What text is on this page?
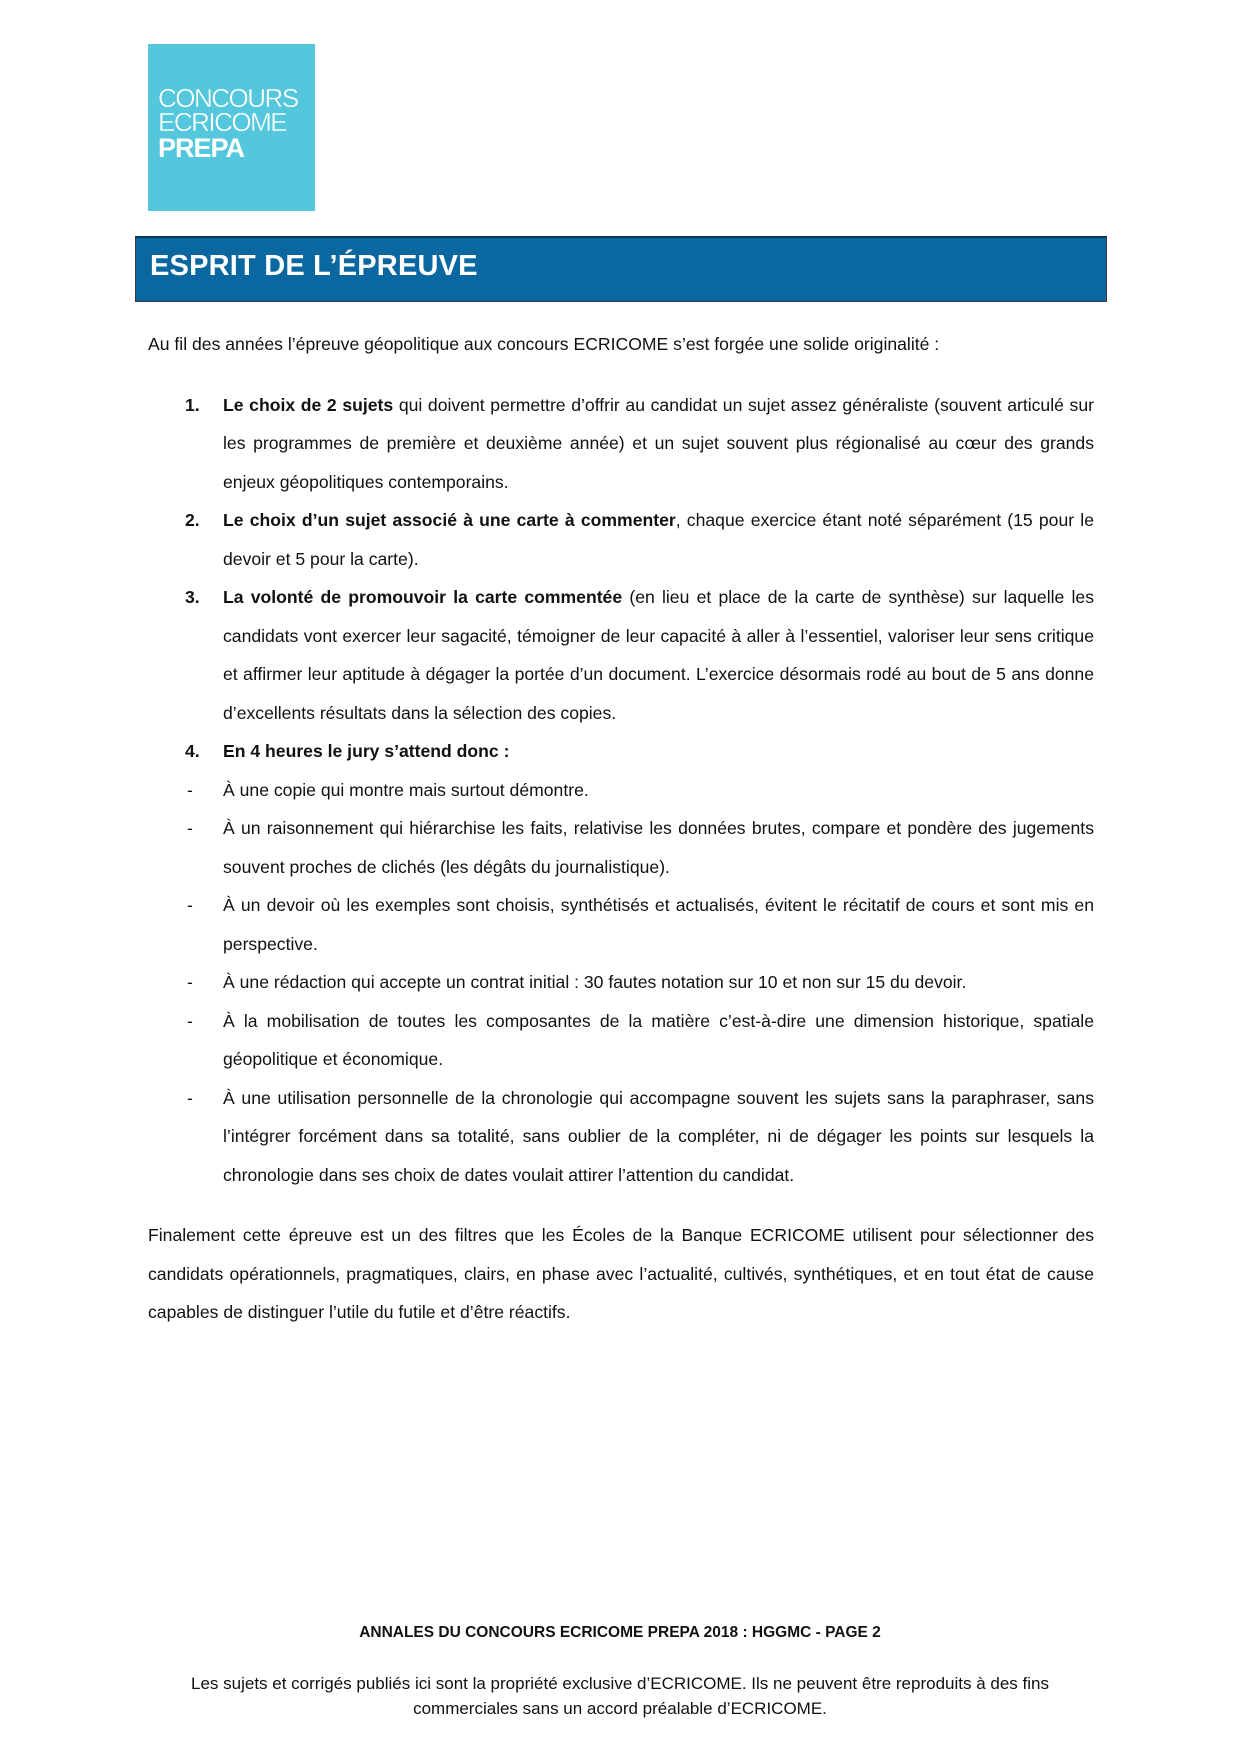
CONCOURS
ECRICOME
PREPA
ESPRIT DE L’ÉPREUVE

Au fil des années l’épreuve géopolitique aux concours ECRICOME s’est forgée une solide originalité :

1. Le choix de 2 sujets qui doivent permettre d’offrir au candidat un sujet assez généraliste (souvent articulé sur les programmes de première et deuxième année) et un sujet souvent plus régionalisé au cœur des grands enjeux géopolitiques contemporains.
2. Le choix d’un sujet associé à une carte à commenter, chaque exercice étant noté séparément (15 pour le devoir et 5 pour la carte).
3. La volonté de promouvoir la carte commentée (en lieu et place de la carte de synthèse) sur laquelle les candidats vont exercer leur sagacité, témoigner de leur capacité à aller à l’essentiel, valoriser leur sens critique et affirmer leur aptitude à dégager la portée d’un document. L’exercice désormais rodé au bout de 5 ans donne d’excellents résultats dans la sélection des copies.
4. En 4 heures le jury s’attend donc :
- À une copie qui montre mais surtout démontre.
- À un raisonnement qui hiérarchise les faits, relativise les données brutes, compare et pondère des jugements souvent proches de clichés (les dégâts du journalistique).
- À un devoir où les exemples sont choisis, synthétisés et actualisés, évitent le récitatif de cours et sont mis en perspective.
- À une rédaction qui accepte un contrat initial : 30 fautes notation sur 10 et non sur 15 du devoir.
- À la mobilisation de toutes les composantes de la matière c’est-à-dire une dimension historique, spatiale géopolitique et économique.
- À une utilisation personnelle de la chronologie qui accompagne souvent les sujets sans la paraphraser, sans l’intégrer forcément dans sa totalité, sans oublier de la compléter, ni de dégager les points sur lesquels la chronologie dans ses choix de dates voulait attirer l’attention du candidat.

Finalement cette épreuve est un des filtres que les Écoles de la Banque ECRICOME utilisent pour sélectionner des candidats opérationnels, pragmatiques, clairs, en phase avec l’actualité, cultivés, synthétiques, et en tout état de cause capables de distinguer l’utile du futile et d’être réactifs.

ANNALES DU CONCOURS ECRICOME PREPA 2018 : HGGMC - PAGE 2
Les sujets et corrigés publiés ici sont la propriété exclusive d’ECRICOME. Ils ne peuvent être reproduits à des fins commerciales sans un accord préalable d’ECRICOME.
